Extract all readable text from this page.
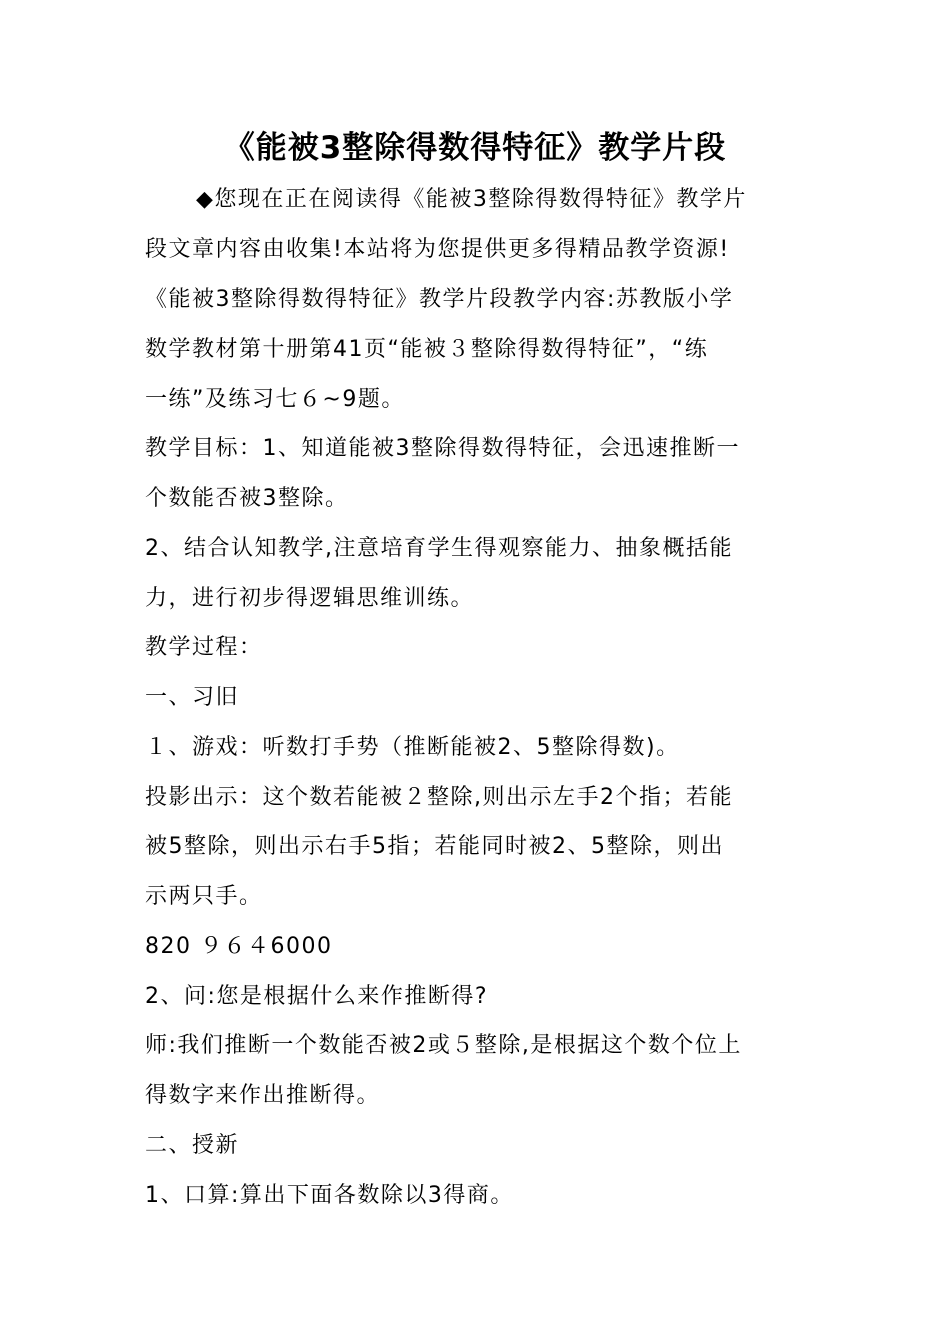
《能被3整除得数得特征》教学片段
◆您现在正在阅读得《能被3整除得数得特征》教学片
段文章内容由收集!本站将为您提供更多得精品教学资源!
《能被3整除得数得特征》教学片段教学内容:苏教版小学
数学教材第十册第41页“能被３整除得数得特征”，“练
一练”及练习七６~9题。
教学目标：1、知道能被3整除得数得特征，会迅速推断一
个数能否被3整除。
2、结合认知教学,注意培育学生得观察能力、抽象概括能
力，进行初步得逻辑思维训练。
教学过程：
一、习旧
１、游戏：听数打手势（推断能被2、5整除得数)。
投影出示：这个数若能被２整除,则出示左手2个指；若能
被5整除，则出示右手5指；若能同时被2、5整除，则出
示两只手。
820 ９６４6000
2、问:您是根据什么来作推断得?
师:我们推断一个数能否被2或５整除,是根据这个数个位上
得数字来作出推断得。
二、授新
1、口算:算出下面各数除以3得商。
